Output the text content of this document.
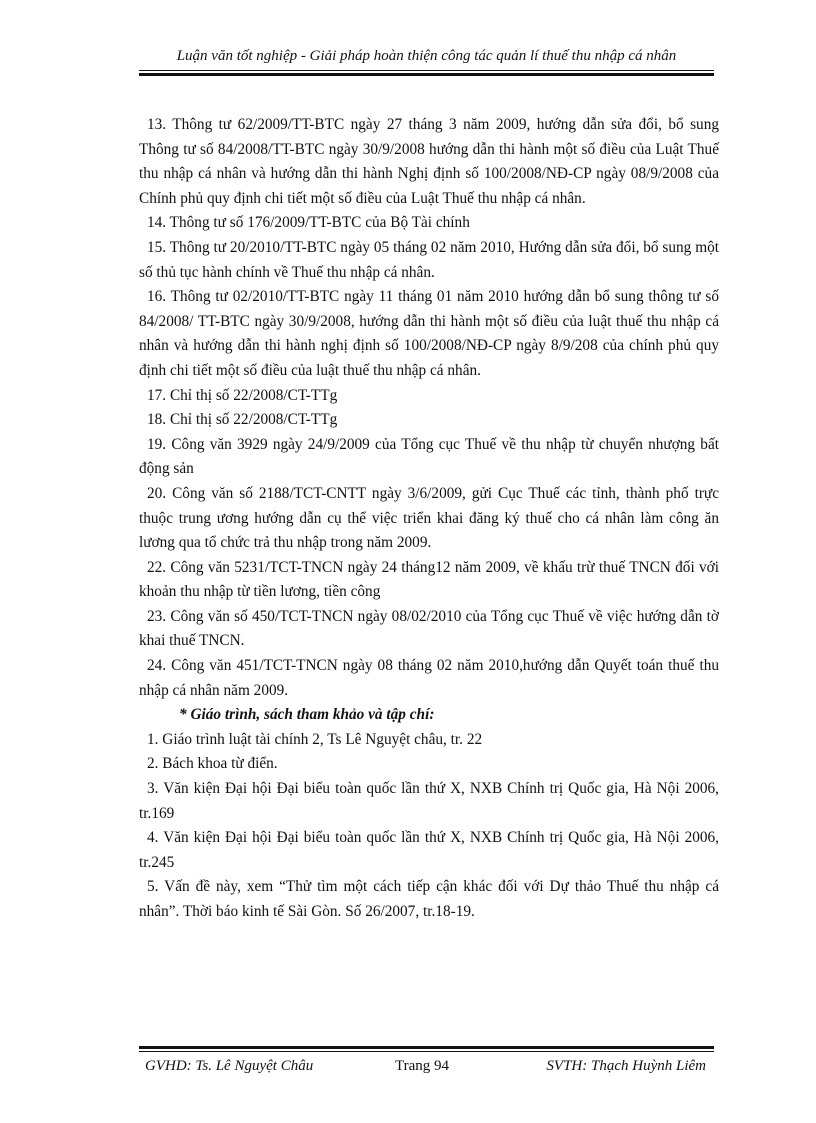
Luận văn tốt nghiệp - Giải pháp hoàn thiện công tác quản lí thuế thu nhập cá nhân

13. Thông tư 62/2009/TT-BTC ngày 27 tháng 3 năm 2009, hướng dẫn sửa đổi, bổ sung Thông tư số 84/2008/TT-BTC ngày 30/9/2008 hướng dẫn thi hành một số điều của Luật Thuế thu nhập cá nhân và hướng dẫn thi hành Nghị định số 100/2008/NĐ-CP ngày 08/9/2008 của Chính phủ quy định chi tiết một số điều của Luật Thuế thu nhập cá nhân.

14. Thông tư số 176/2009/TT-BTC của Bộ Tài chính

15. Thông tư 20/2010/TT-BTC ngày 05 tháng 02 năm 2010, Hướng dẫn sửa đổi, bổ sung một số thủ tục hành chính về Thuế thu nhập cá nhân.

16. Thông tư 02/2010/TT-BTC ngày 11 tháng 01 năm 2010 hướng dẫn bổ sung thông tư số 84/2008/ TT-BTC ngày 30/9/2008, hướng dẫn thi hành một số điều của luật thuế thu nhập cá nhân và hướng dẫn thi hành nghị định số 100/2008/NĐ-CP ngày 8/9/208 của chính phủ quy định chi tiết một số điều của luật thuế thu nhập cá nhân.

17. Chỉ thị số 22/2008/CT-TTg

18. Chỉ thị số 22/2008/CT-TTg

19. Công văn 3929 ngày 24/9/2009 của Tổng cục Thuế về thu nhập từ chuyển nhượng bất động sản

20. Công văn số 2188/TCT-CNTT ngày 3/6/2009, gửi Cục Thuế các tỉnh, thành phố trực thuộc trung ương hướng dẫn cụ thể việc triển khai đăng ký thuế cho cá nhân làm công ăn lương qua tổ chức trả thu nhập trong năm 2009.

22. Công văn 5231/TCT-TNCN ngày 24 tháng12 năm 2009, về khấu trừ thuế TNCN đối với khoản thu nhập từ tiền lương, tiền công

23. Công văn số 450/TCT-TNCN ngày 08/02/2010 của Tổng cục Thuế về việc hướng dẫn tờ khai thuế TNCN.

24. Công văn 451/TCT-TNCN ngày 08 tháng 02 năm 2010,hướng dẫn Quyết toán thuế thu nhập cá nhân năm 2009.

* Giáo trình, sách tham khảo và tập chí:

1. Giáo trình luật tài chính 2, Ts Lê Nguyệt châu, tr. 22

2. Bách khoa từ điển.

3. Văn kiện Đại hội Đại biểu toàn quốc lần thứ X, NXB Chính trị Quốc gia, Hà Nội 2006, tr.169

4. Văn kiện Đại hội Đại biểu toàn quốc lần thứ X, NXB Chính trị Quốc gia, Hà Nội 2006, tr.245

5. Vấn đề này, xem “Thử tìm một cách tiếp cận khác đối với Dự thảo Thuế thu nhập cá nhân”. Thời báo kinh tế Sài Gòn. Số 26/2007, tr.18-19.

GVHD: Ts. Lê Nguyệt Châu	Trang 94	SVTH: Thạch Huỳnh Liêm
